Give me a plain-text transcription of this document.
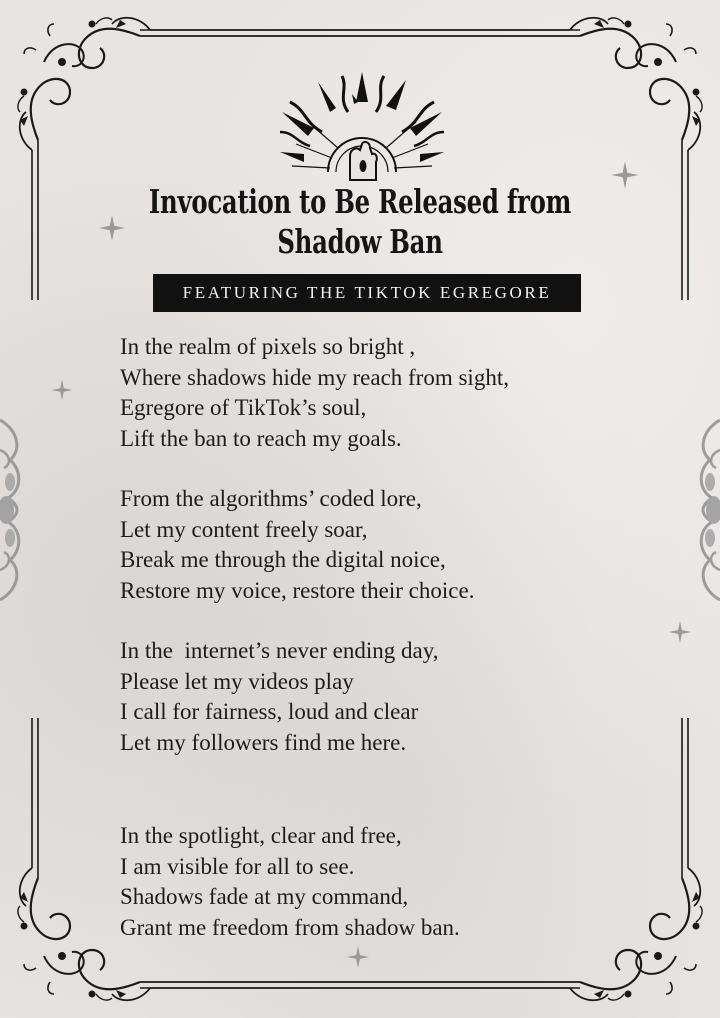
Invocation to Be Released from
Shadow Ban
FEATURING THE TIKTOK EGREGORE
In the realm of pixels so bright ,
Where shadows hide my reach from sight,
Egregore of TikTok’s soul,
Lift the ban to reach my goals.
From the algorithms’ coded lore,
Let my content freely soar,
Break me through the digital noice,
Restore my voice, restore their choice.
In the  internet’s never ending day,
Please let my videos play
I call for fairness, loud and clear
Let my followers find me here.
In the spotlight, clear and free,
I am visible for all to see.
Shadows fade at my command,
Grant me freedom from shadow ban.
